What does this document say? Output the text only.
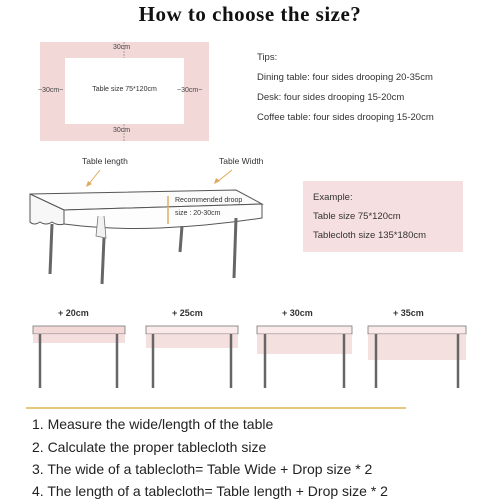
How to choose the size?
Table size 75*120cm
30cm
30cm
~30cm~	~30cm~
Tips:
Dining table: four sides drooping 20-35cm
Desk: four sides drooping 15-20cm
Coffee table: four sides drooping 15-20cm
Table length	Table Width
Recommended droop
size : 20-30cm
Example:
Table size 75*120cm
Tablecloth size 135*180cm
+ 20cm	+ 25cm	+ 30cm	+ 35cm
1. Measure the wide/length of the table
2. Calculate the proper tablecloth size
3. The wide of a tablecloth= Table Wide + Drop size * 2
4. The length of a tablecloth= Table length + Drop size * 2
